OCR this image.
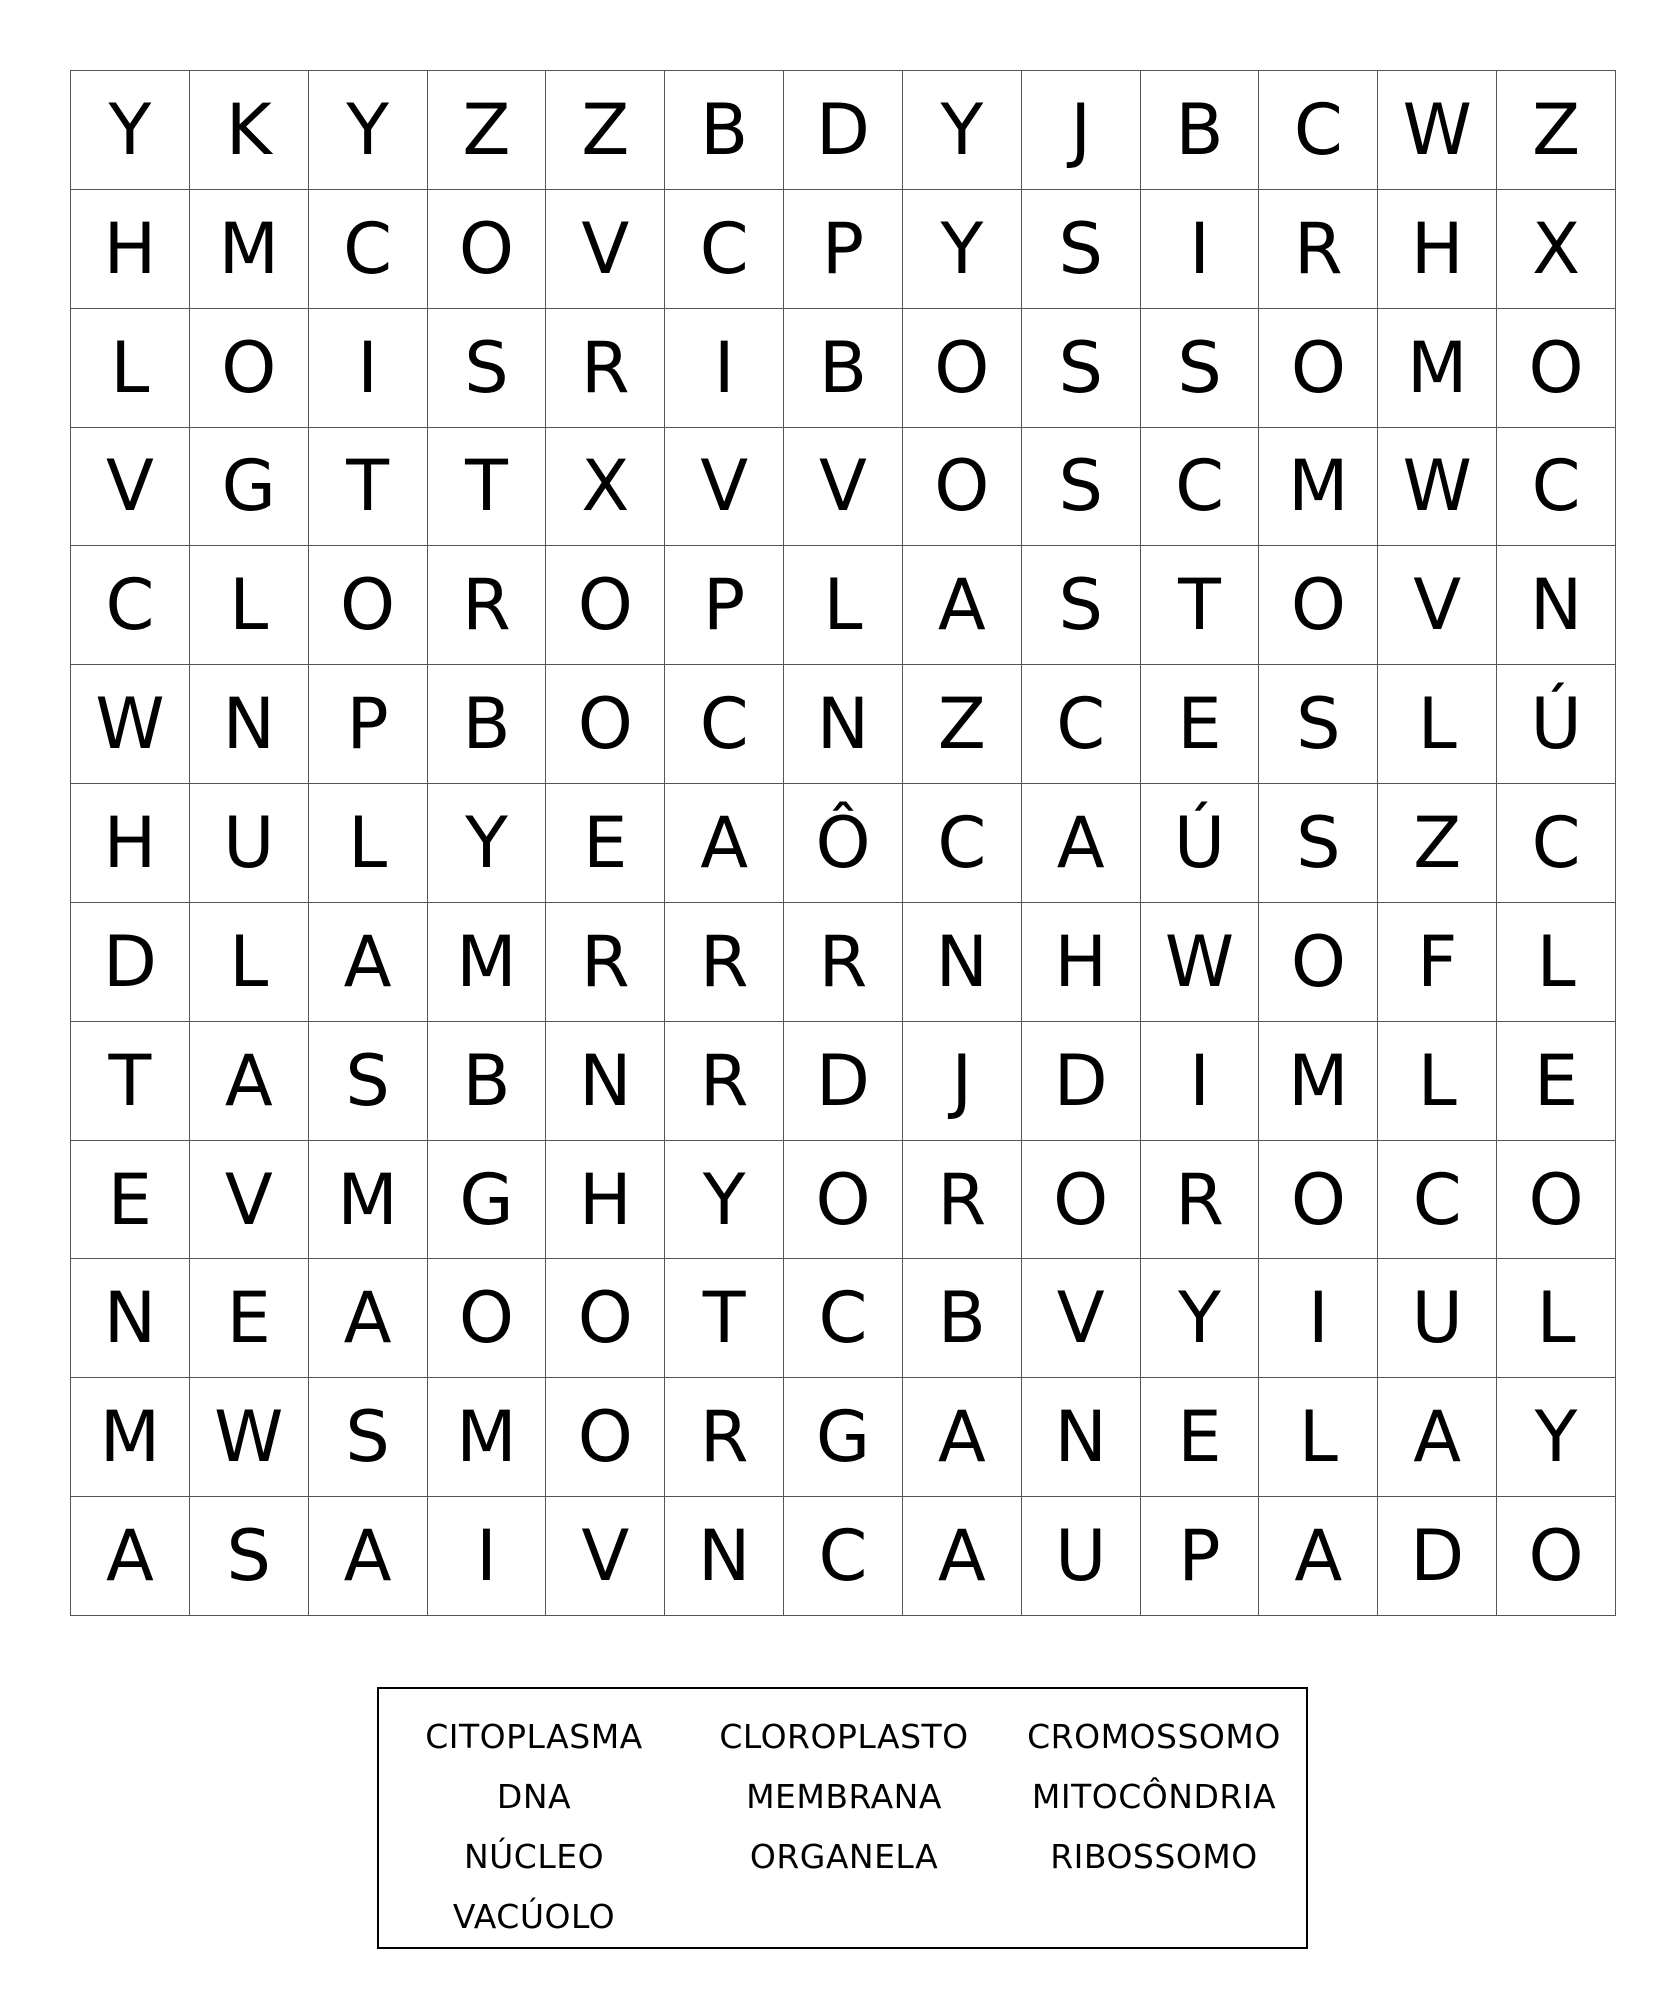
Y	K	Y	Z	Z	B D	Y	J	B	C W Z
H M C O V	C	P	Y	S	I	R H X
L	O	I	S	R	I	B O S	S O M O
V G	T	T	X	V	V O S	C M W C
C	L	O R O	P	L	A	S	T O V N
W N	P	B O C N Z	C	E	S	L	Ú
H U	L	Y	E	A Ô C	A Ú	S	Z	C
D	L	A M R	R	R N H W O	F	L
T	A	S	B N R D	J	D	I	M L	E
E	V M G H	Y O R O R O C O
N	E	A O O T	C	B	V	Y	I	U	L
M W S M O R G A N	E	L	A	Y
A	S	A	I	V N C	A U	P	A D O
CITOPLASMA	CLOROPLASTO	CROMOSSOMO
DNA	MEMBRANA	MITOCÔNDRIA
NÚCLEO	ORGANELA	RIBOSSOMO
VACÚOLO
